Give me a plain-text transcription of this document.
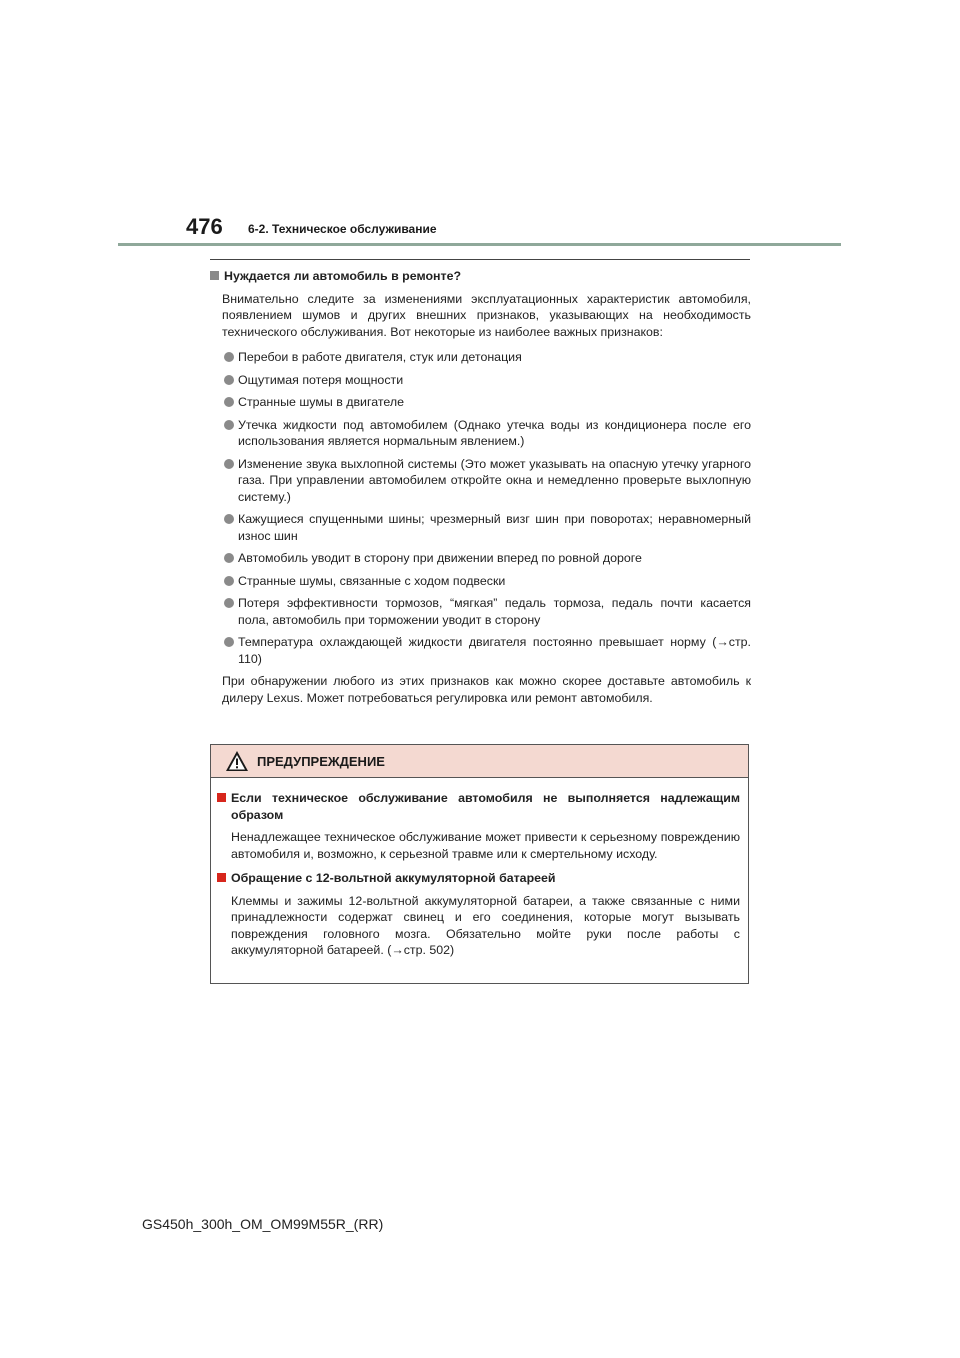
476 6-2. Техническое обслуживание
Нуждается ли автомобиль в ремонте?

Внимательно следите за изменениями эксплуатационных характеристик автомобиля, появлением шумов и других внешних признаков, указывающих на необходимость технического обслуживания. Вот некоторые из наиболее важных признаков:

Перебои в работе двигателя, стук или детонация
Ощутимая потеря мощности
Странные шумы в двигателе
Утечка жидкости под автомобилем (Однако утечка воды из кондиционера после его использования является нормальным явлением.)
Изменение звука выхлопной системы (Это может указывать на опасную утечку угарного газа. При управлении автомобилем откройте окна и немедленно проверьте выхлопную систему.)
Кажущиеся спущенными шины; чрезмерный визг шин при поворотах; неравномерный износ шин
Автомобиль уводит в сторону при движении вперед по ровной дороге
Странные шумы, связанные с ходом подвески
Потеря эффективности тормозов, “мягкая” педаль тормоза, педаль почти касается пола, автомобиль при торможении уводит в сторону
Температура охлаждающей жидкости двигателя постоянно превышает норму (→стр. 110)

При обнаружении любого из этих признаков как можно скорее доставьте автомобиль к дилеру Lexus. Может потребоваться регулировка или ремонт автомобиля.

ПРЕДУПРЕЖДЕНИЕ
Если техническое обслуживание автомобиля не выполняется надлежащим образом

Ненадлежащее техническое обслуживание может привести к серьезному повреждению автомобиля и, возможно, к серьезной травме или к смертельному исходу.

Обращение с 12-вольтной аккумуляторной батареей

Клеммы и зажимы 12-вольтной аккумуляторной батареи, а также связанные с ними принадлежности содержат свинец и его соединения, которые могут вызывать повреждения головного мозга. Обязательно мойте руки после работы с аккумуляторной батареей. (→стр. 502)

GS450h_300h_OM_OM99M55R_(RR)
